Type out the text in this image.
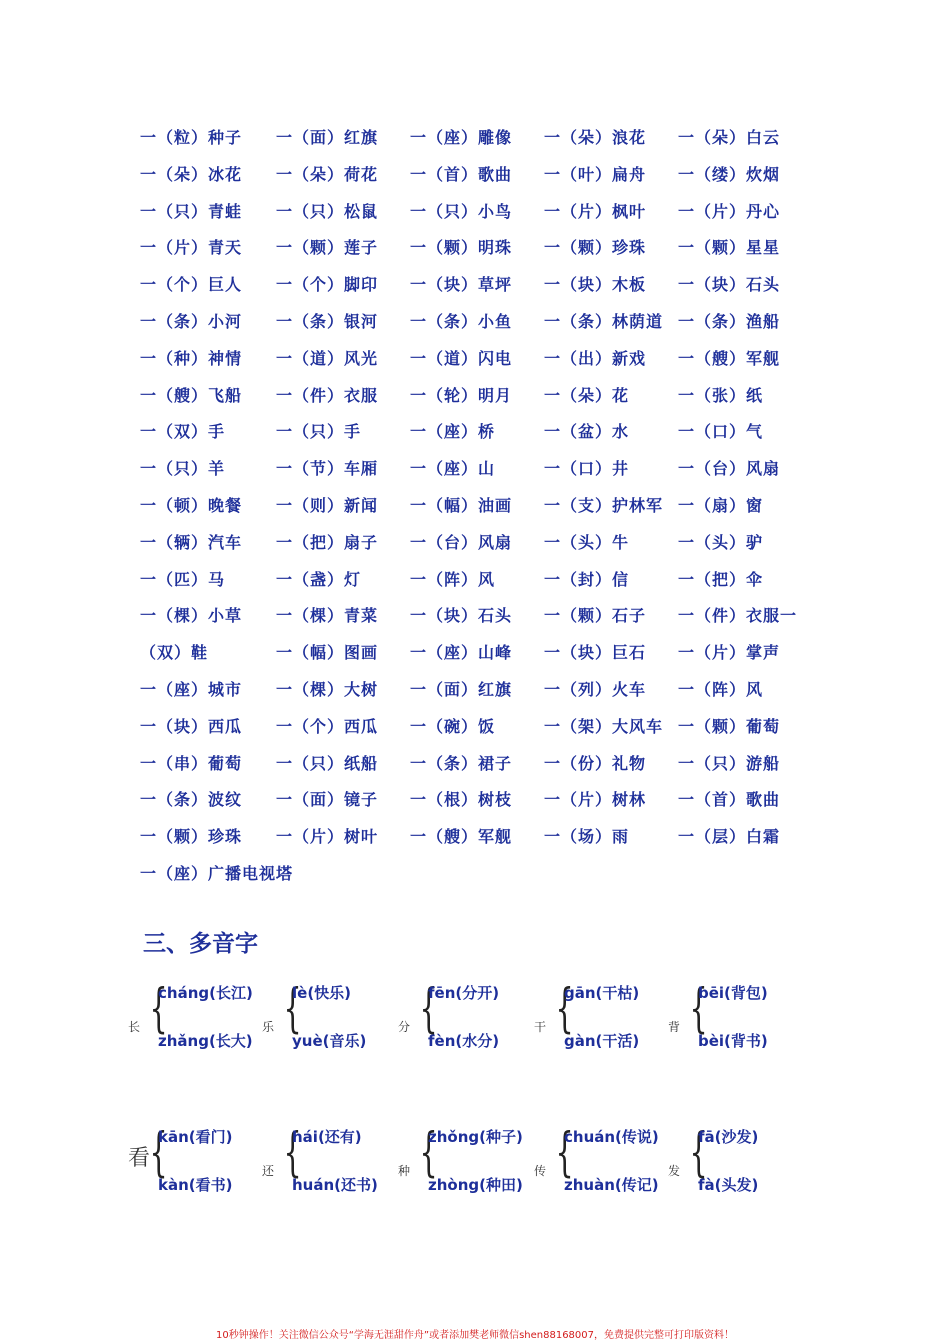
一（粒）种子 一（面）红旗 一（座）雕像 一（朵）浪花 一（朵）白云
一（朵）冰花 一（朵）荷花 一（首）歌曲 一（叶）扁舟 一（缕）炊烟
一（只）青蛙 一（只）松鼠 一（只）小鸟 一（片）枫叶 一（片）丹心
一（片）青天 一（颗）莲子 一（颗）明珠 一（颗）珍珠 一（颗）星星
一（个）巨人 一（个）脚印 一（块）草坪 一（块）木板 一（块）石头
一（条）小河 一（条）银河 一（条）小鱼 一（条）林荫道 一（条）渔船
一（种）神情 一（道）风光 一（道）闪电 一（出）新戏 一（艘）军舰
一（艘）飞船 一（件）衣服 一（轮）明月 一（朵）花	一（张）纸
一（双）手	一（只）手	一（座）桥	一（盆）水	一（口）气
一（只）羊	一（节）车厢 一（座）山	一（口）井	一（台）风扇
一（顿）晚餐 一（则）新闻 一（幅）油画 一（支）护林军 一（扇）窗
一（辆）汽车 一（把）扇子 一（台）风扇 一（头）牛	一（头）驴
一（匹）马	一（盏）灯	一（阵）风	一（封）信	一（把）伞
一（棵）小草 一（棵）青菜 一（块）石头 一（颗）石子 一（件）衣服一
（双）鞋	一（幅）图画 一（座）山峰 一（块）巨石 一（片）掌声
一（座）城市 一（棵）大树 一（面）红旗 一（列）火车 一（阵）风
一（块）西瓜 一（个）西瓜 一（碗）饭	一（架）大风车 一（颗）葡萄
一（串）葡萄 一（只）纸船 一（条）裙子 一（份）礼物 一（只）游船
一（条）波纹 一（面）镜子 一（根）树枝 一（片）树林 一（首）歌曲
一（颗）珍珠 一（片）树叶 一（艘）军舰 一（场）雨	一（层）白霜
一（座）广播电视塔
三、多音字
长 {
cháng(长江)
zhǎng(长大)
乐 {
lè(快乐)
yuè(音乐)
分 {
fēn(分开)
fèn(水分)
干 {
gān(干枯)
gàn(干活)
背 {
bēi(背包)
bèi(背书)
看 {
kān(看门)
kàn(看书)
还 {
hái(还有)
huán(还书)
种 {
zhǒng(种子)
zhòng(种田)
传 {
chuán(传说)
zhuàn(传记)
发 {
fā(沙发)
fà(头发)
10秒钟操作！关注微信公众号“学海无涯甜作舟”或者添加樊老师微信shen88168007，免费提供完整可打印版资料！
